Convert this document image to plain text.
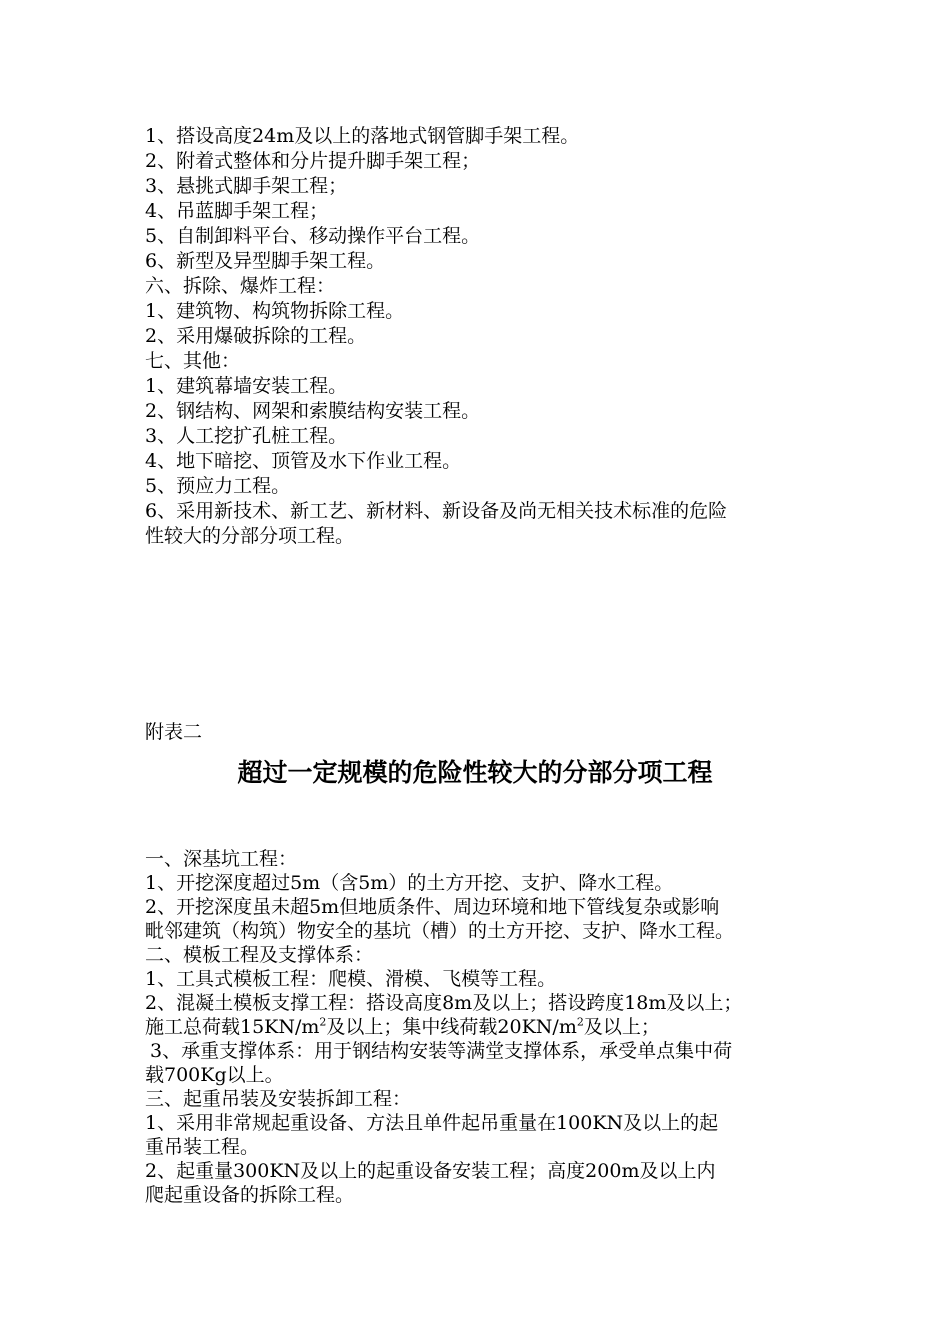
1、搭设高度24m及以上的落地式钢管脚手架工程。
2、附着式整体和分片提升脚手架工程；
3、悬挑式脚手架工程；
4、吊蓝脚手架工程；
5、自制卸料平台、移动操作平台工程。
6、新型及异型脚手架工程。
六、拆除、爆炸工程：
1、建筑物、构筑物拆除工程。
2、采用爆破拆除的工程。
七、其他：
1、建筑幕墙安装工程。
2、钢结构、网架和索膜结构安装工程。
3、人工挖扩孔桩工程。
4、地下暗挖、顶管及水下作业工程。
5、预应力工程。
6、采用新技术、新工艺、新材料、新设备及尚无相关技术标准的危险
性较大的分部分项工程。
附表二
超过一定规模的危险性较大的分部分项工程
一、深基坑工程：
1、开挖深度超过5m（含5m）的土方开挖、支护、降水工程。
2、开挖深度虽未超5m但地质条件、周边环境和地下管线复杂或影响
毗邻建筑（构筑）物安全的基坑（槽）的土方开挖、支护、降水工程。
二、模板工程及支撑体系：
1、工具式模板工程：爬模、滑模、飞模等工程。
2、混凝土模板支撑工程：搭设高度8m及以上；搭设跨度18m及以上；
施工总荷载$15KN/m^2$及以上；集中线荷载$20KN/m^2$及以上；
3、承重支撑体系：用于钢结构安装等满堂支撑体系，承受单点集中荷
载700Kg以上。
三、起重吊装及安装拆卸工程：
1、采用非常规起重设备、方法且单件起吊重量在100KN及以上的起
重吊装工程。
2、起重量300KN及以上的起重设备安装工程；高度200m及以上内
爬起重设备的拆除工程。
